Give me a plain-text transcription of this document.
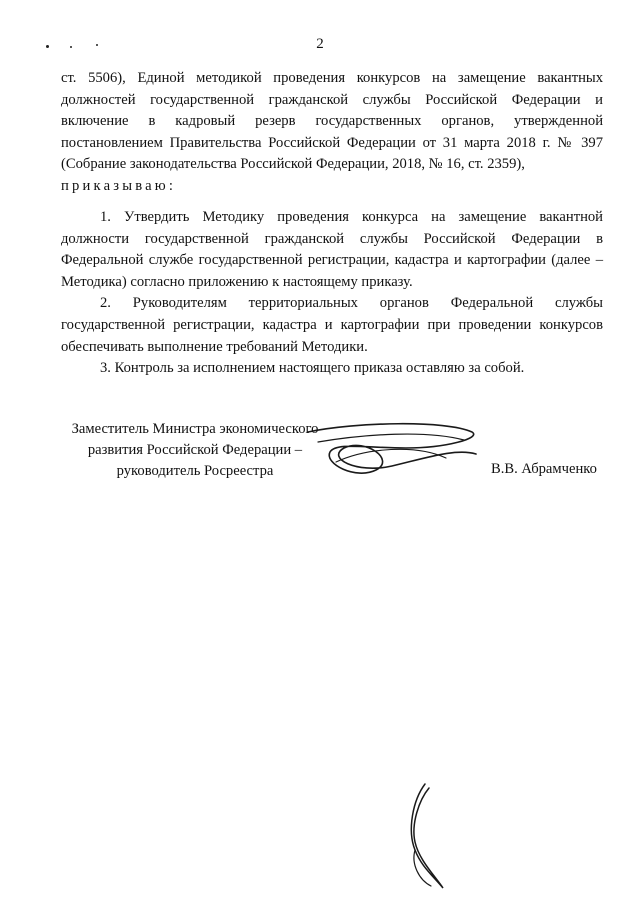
2
ст. 5506), Единой методикой проведения конкурсов на замещение вакантных должностей государственной гражданской службы Российской Федерации и включение в кадровый резерв государственных органов, утвержденной постановлением Правительства Российской Федерации от 31 марта 2018 г. № 397 (Собрание законодательства Российской Федерации, 2018, № 16, ст. 2359),
приказываю:

1. Утвердить Методику проведения конкурса на замещение вакантной должности государственной гражданской службы Российской Федерации в Федеральной службе государственной регистрации, кадастра и картографии (далее – Методика) согласно приложению к настоящему приказу.

2. Руководителям территориальных органов Федеральной службы государственной регистрации, кадастра и картографии при проведении конкурсов обеспечивать выполнение требований Методики.

3. Контроль за исполнением настоящего приказа оставляю за собой.

Заместитель Министра экономического
развития Российской Федерации –
руководитель Росреестра	В.В. Абрамченко
